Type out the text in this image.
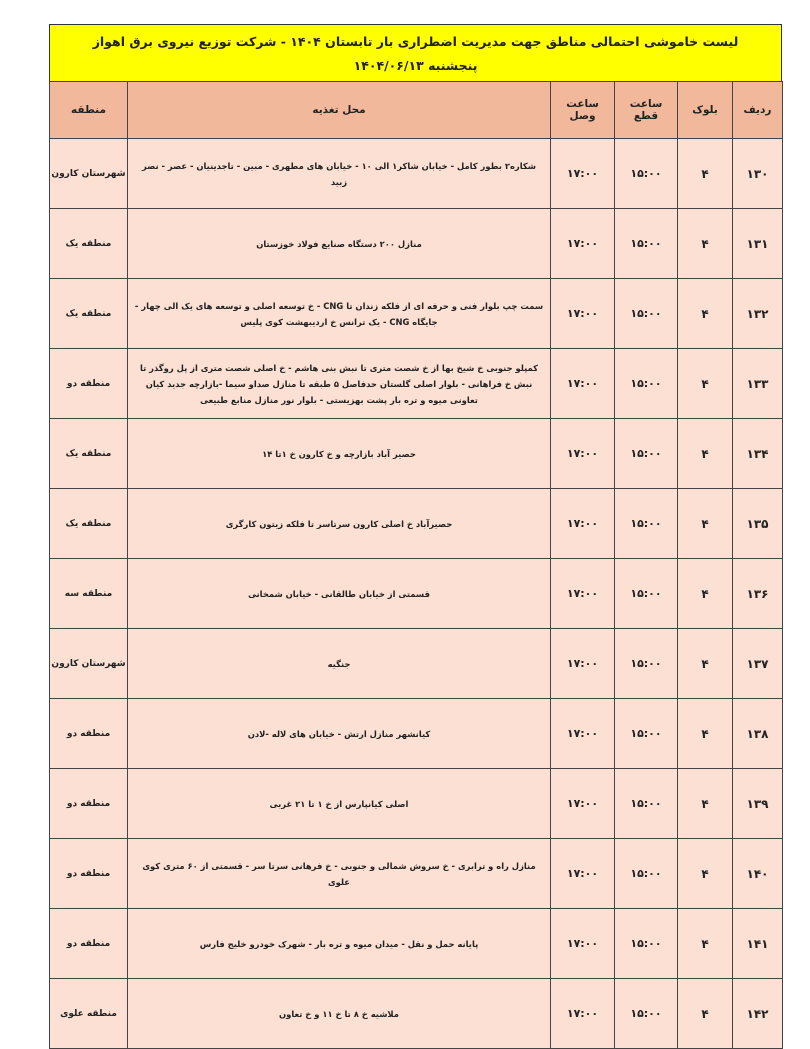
لیست خاموشی احتمالی مناطق جهت مدیریت اضطراری بار تابستان ۱۴۰۴ - شرکت توزیع نیروی برق اهواز
پنجشنبه ۱۴۰۴/۰۶/۱۳
ردیف	بلوک	ساعت قطع	ساعت وصل	محل تغذیه	منطقه
۱۳۰	۴	۱۵:۰۰	۱۷:۰۰	شکاره۲ بطور کامل - خیابان شاکر۱ الی ۱۰ - خیابان های مطهری - مبین - تاجدینیان - عصر - نصر زبید	شهرستان کارون
۱۳۱	۴	۱۵:۰۰	۱۷:۰۰	منازل ۲۰۰ دستگاه صنایع فولاد خوزستان	منطقه یک
۱۳۲	۴	۱۵:۰۰	۱۷:۰۰	سمت چپ بلوار فنی و حرفه ای از فلکه زندان تا CNG - خ توسعه اصلی و توسعه های یک الی چهار - جایگاه CNG - یک ترانس خ اردیبهشت کوی پلیس	منطقه یک
۱۳۳	۴	۱۵:۰۰	۱۷:۰۰	کمپلو جنوبی خ شیخ بها از خ شصت متری تا نبش بنی هاشم - خ اصلی شصت متری از پل روگذر تا نبش خ فراهانی - بلوار اصلی گلستان حدفاصل ۵ طبقه تا منازل صداو سیما -بازارچه جدید کیان تعاونی میوه و تره بار پشت بهزیستی - بلوار نور منازل منابع طبیعی	منطقه دو
۱۳۴	۴	۱۵:۰۰	۱۷:۰۰	حصیر آباد بازارچه و خ کارون خ ۱تا ۱۴	منطقه یک
۱۳۵	۴	۱۵:۰۰	۱۷:۰۰	حصیرآباد خ اصلی کارون سرتاسر تا فلکه زیتون کارگری	منطقه یک
۱۳۶	۴	۱۵:۰۰	۱۷:۰۰	قسمتی از خیابان طالقانی - خیابان شمخانی	منطقه سه
۱۳۷	۴	۱۵:۰۰	۱۷:۰۰	جنگیه	شهرستان کارون
۱۳۸	۴	۱۵:۰۰	۱۷:۰۰	کیانشهر منازل ارتش - خیابان های لاله -لادن	منطقه دو
۱۳۹	۴	۱۵:۰۰	۱۷:۰۰	اصلی کیانپارس از خ ۱ تا ۲۱ غربی	منطقه دو
۱۴۰	۴	۱۵:۰۰	۱۷:۰۰	منازل راه و ترابری - خ سروش شمالی و جنوبی - خ فرهانی سرتا سر - قسمتی از ۶۰ متری کوی علوی	منطقه دو
۱۴۱	۴	۱۵:۰۰	۱۷:۰۰	پایانه حمل و نقل - میدان میوه و تره بار - شهرک خودرو خلیج فارس	منطقه دو
۱۴۲	۴	۱۵:۰۰	۱۷:۰۰	ملاشیه خ ۸ تا خ ۱۱ و خ تعاون	منطقه علوی
